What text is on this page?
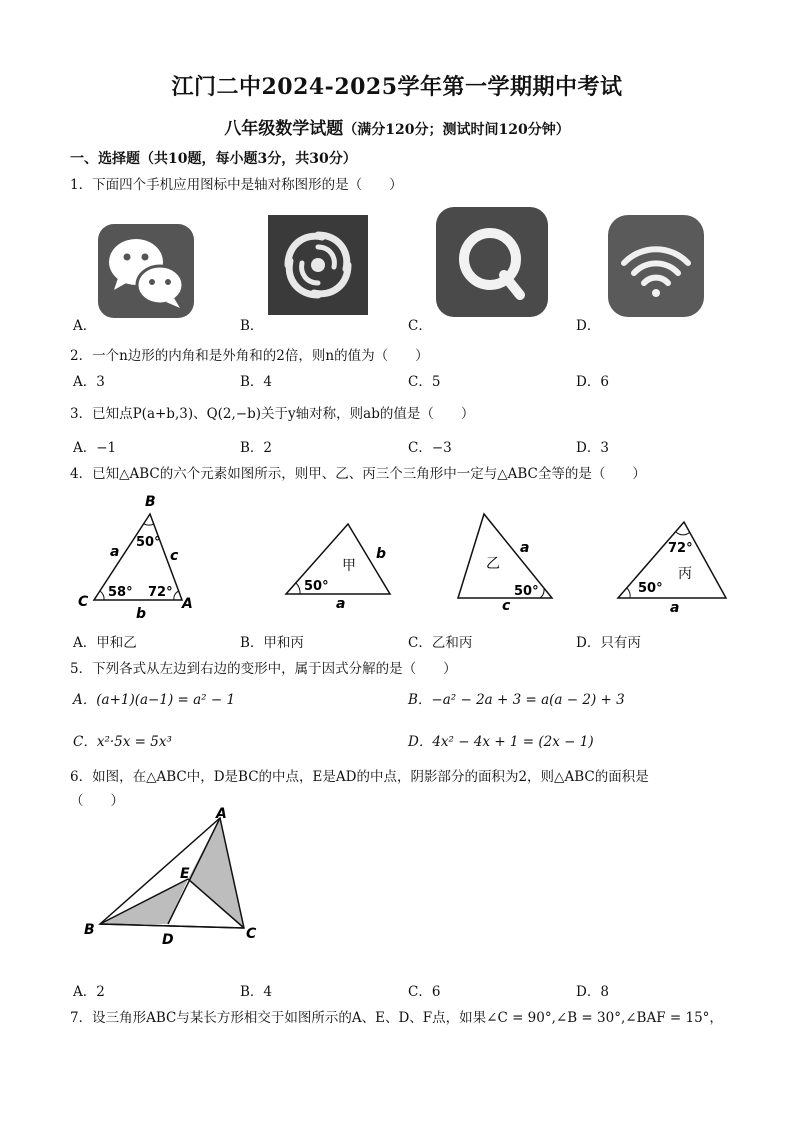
江门二中2024-2025学年第一学期期中考试
八年级数学试题（满分120分；测试时间120分钟）
一、选择题（共10题，每小题3分，共30分）
1．下面四个手机应用图标中是轴对称图形的是（　　）
A．	B．	C．	D．
2．一个n边形的内角和是外角和的2倍，则n的值为（　　）
A．3	B．4	C．5	D．6
3．已知点P(a+b,3)、Q(2,−b)关于y轴对称，则ab的值是（　　）
A．−1	B．2	C．−3	D．3
4．已知△ABC的六个元素如图所示，则甲、乙、丙三个三角形中一定与△ABC全等的是（　　）
B
C	A
a	c
b
50°
58° 72°
甲
b
a
50°
乙
a
c
50°
72°
丙
50°
a
A．甲和乙	B．甲和丙	C．乙和丙	D．只有丙
5．下列各式从左边到右边的变形中，属于因式分解的是（　　）
A．(a+1)(a−1) = a² − 1	B．−a² − 2a + 3 = a(a − 2) + 3
C．x²·5x = 5x³	D．4x² − 4x + 1 = (2x − 1)
6．如图，在△ABC中，D是BC的中点，E是AD的中点，阴影部分的面积为2，则△ABC的面积是
（　　）
A
B	C
D
E
A．2	B．4	C．6	D．8
7．设三角形ABC与某长方形相交于如图所示的A、E、D、F点，如果∠C = 90°,∠B = 30°,∠BAF = 15°，
